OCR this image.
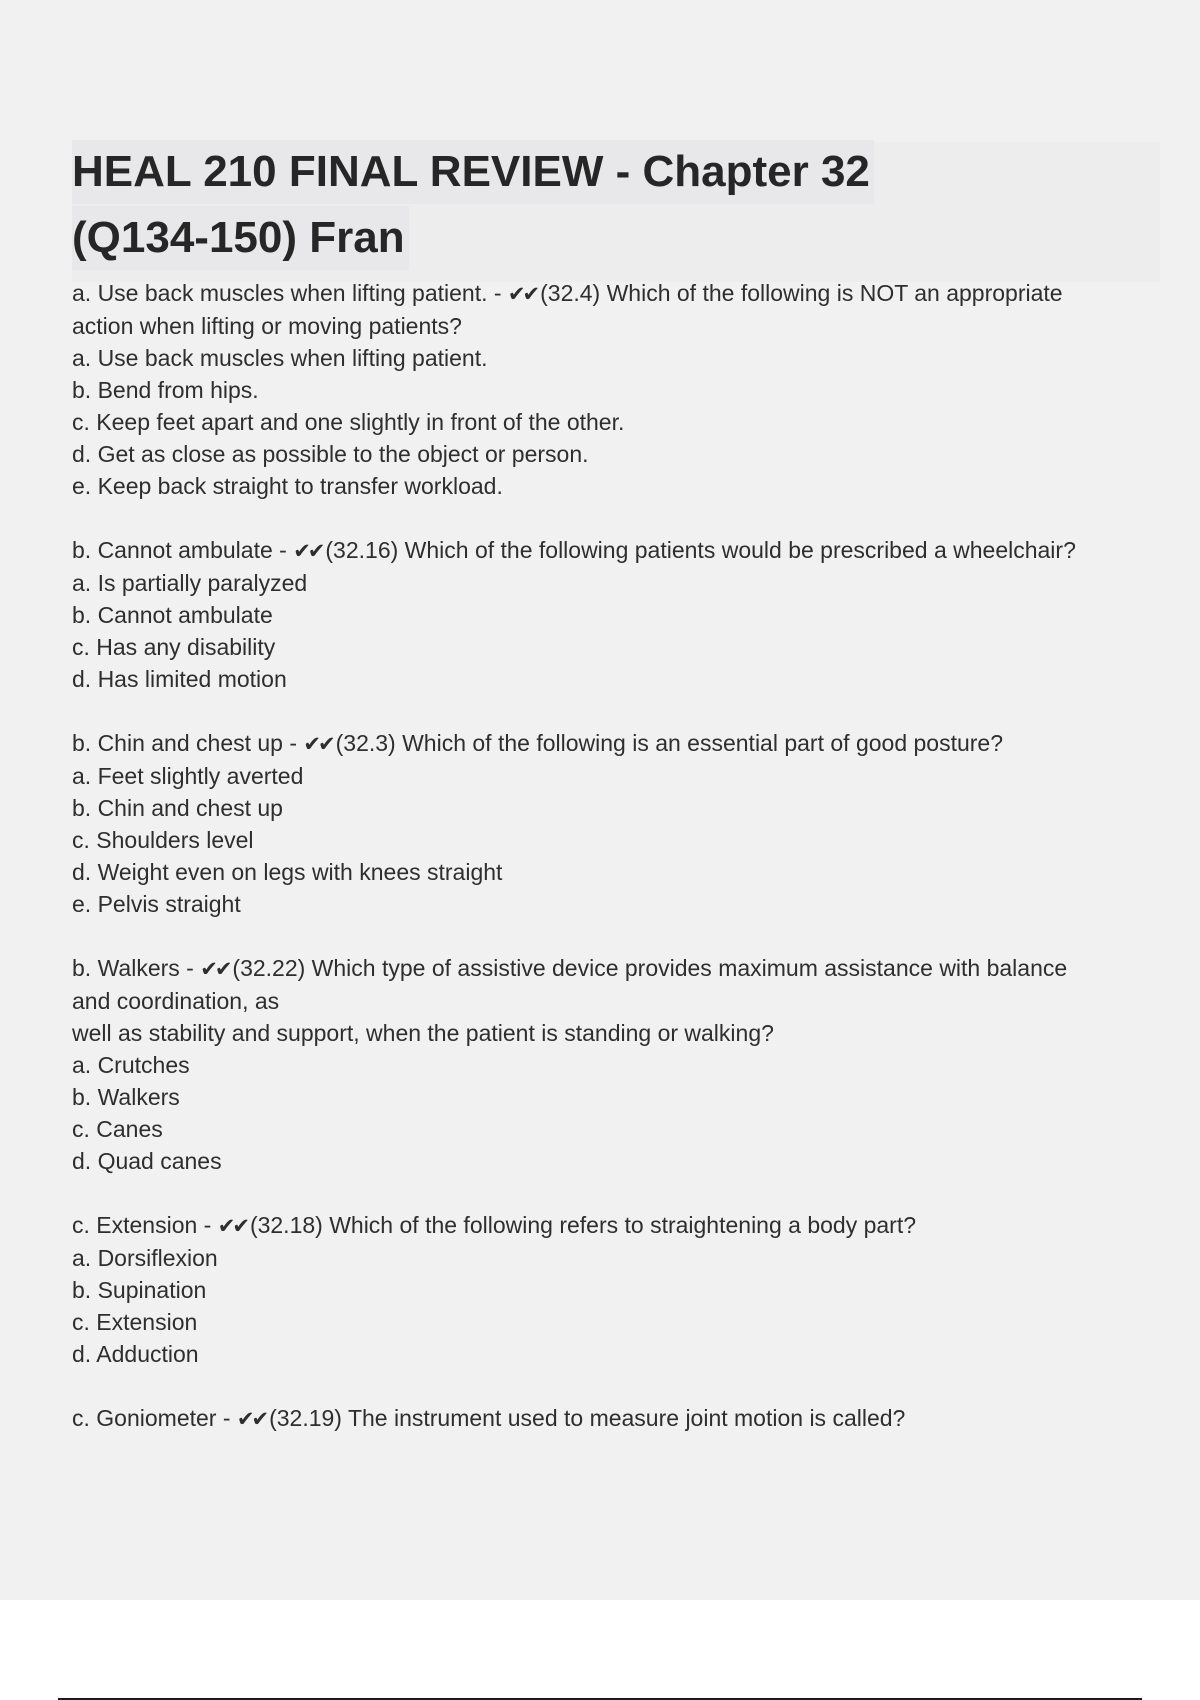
HEAL 210 FINAL REVIEW - Chapter 32
(Q134-150) Fran
a. Use back muscles when lifting patient. - ✔✔ (32.4) Which of the following is NOT an appropriate
action when lifting or moving patients?
a. Use back muscles when lifting patient.
b. Bend from hips.
c. Keep feet apart and one slightly in front of the other.
d. Get as close as possible to the object or person.
e. Keep back straight to transfer workload.
b. Cannot ambulate - ✔✔ (32.16) Which of the following patients would be prescribed a wheelchair?
a. Is partially paralyzed
b. Cannot ambulate
c. Has any disability
d. Has limited motion
b. Chin and chest up - ✔✔ (32.3) Which of the following is an essential part of good posture?
a. Feet slightly averted
b. Chin and chest up
c. Shoulders level
d. Weight even on legs with knees straight
e. Pelvis straight
b. Walkers - ✔✔ (32.22) Which type of assistive device provides maximum assistance with balance
and coordination, as
well as stability and support, when the patient is standing or walking?
a. Crutches
b. Walkers
c. Canes
d. Quad canes
c. Extension - ✔✔ (32.18) Which of the following refers to straightening a body part?
a. Dorsiflexion
b. Supination
c. Extension
d. Adduction
c. Goniometer - ✔✔ (32.19) The instrument used to measure joint motion is called?
